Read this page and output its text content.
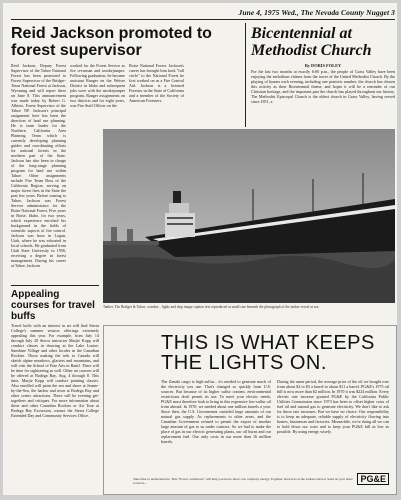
June 4, 1975 Wed., The Nevada County Nugget 3
Reid Jackson promoted to forest supervisor
Reid Jackson, Deputy Forest Supervisor of the Tahoe National Forest has been promoted to Forest Supervisor of the Bridger-Teton National Forest at Jackson, Wyoming and will report there on June 8. This announcement was made today by Robert G. Albietz, Forest Supervisor of the Tahoe NF. Jackson's principal assignment here has been the direction of land use planning. He is team leader for the Northern California Area Planning Team which is currently developing planning guides and coordinating efforts for national forests in the northern part of the State. Jackson has also been in charge of the long-range planning program for land use within Tahoe. Other assignments include Fire Team Boss of the California Region, serving on major forest fires in the State the past few years. Before coming to Tahoe, Jackson was Forest Service administrator for the Boise National Forest. Five years in Boise, Idaho, for two years, which experience enriched his background in the fields of scientific aspects of fire control. Jackson was born in Logan, Utah, where he was educated in local schools. He graduated from Utah State University in 1956, receiving a degree in forest management. During his career at Tahoe, Jackson
worked for the Forest Service as fire crewman and smokejumper. Following graduation, he became assistant Ranger on the Weiser District in Idaho and subsequent jobs were with the smokejumper program, Ranger assignments on two districts and for eight years, was Fire Staff Officer on the
Boise National Forest. Jackson's career has brought him back "full circle" to the National Forest he first worked on as a Fire Control Aid. Jackson is a licensed Forester in the State of California and a member of the Society of American Foresters.
Bicentennial at Methodist Church
By DORIS FOLEY
For the last two months at exactly 6:00 p.m., the people of Grass Valley have been enjoying the melodious chimes from the tower of the United Methodist Church. By the playing of hymns each evening, including one patriotic number, the church has chosen this activity as their Bicentennial theme, and hopes it will be a reminder of our Christian heritage, and the important part the church has played throughout our history. The Methodist Episcopal Church is the oldest church in Grass Valley, having served since 1851, a
Tanker. The Bridger & Tahoe, a tanker... lights and ship image caption text reproduced at small size beneath the photograph of the tanker vessel at sea.
Appealing courses for travel buffs
Travel buffs with an interest in art will find Sierra College's summer session offerings extremely appealing this year. For example, from July 14 through July 20 Sierra instructor Marjie Kopp will conduct classes in drawing at the Lake Louise, Sunshine Village and other locales in the Canadian Rockies. Those making the trek to Canada will sketch alpine meadows, glaciers and mountains, and will visit the School of Fine Arts in Banff. There will be time for sightseeing as well. Other art courses will be offered at Bodega Bay, Aug. 4 through 8. This time, Marjie Kopp will conduct painting classes. Also enrolled will paint the sea and shore at Jenner-by-the-Sea, the harbor and town at Bodega Bay and other scenic attractions. There will be evening get-togethers and critiques. For more information about these and other Canadian Rockies or Art Tour at Bodega Bay Excursion, contact the Sierra College Extended Day and Community Services Office.
THIS IS WHAT KEEPS THE LIGHTS ON.
The Zanaki cargo is high-sulfur... it's needed to generate much of the electricity you use. That's changed so quickly from U.S. sources. But because of its higher sulfur content, environmental restrictions don't permit its use. To meet your electric needs, PG&E must therefore look to bring in this expensive low-sulfur oil from abroad. In 1970, we needed about one million barrels a year. Since then, the U.S. Government curtailed large amounts of our natural gas supply. As replacements to other areas, and the Canadian Government refused to permit the export of another large amount of gas to us under contract. So we had to make the place of gas in our electric generating plants, our oil burns and our replacement fuel. Our only costs in our more than 16 million barrels.
During the same period, the average price of the oil we bought rose from about $2 to $3 a barrel to about $11 a barrel. PG&E's 1975 oil bill is now more than $2 million. In 1970 it was $224 million. Every electric rate increase granted PG&E by the California Public Utilities Commission since 1973 has been to offset higher costs of fuel oil and natural gas to generate electricity. We don't like to ask for those rate increases. But we have no choice. Our responsibility is to keep an adequate, reliable supply of electricity flowing into homes, businesses and factories. Meanwhile, we're doing all we can to hold down our costs and to keep your PG&E bill as low as possible. By using energy wisely.
Take time to understand us. This "Power, Gladstone" will help you know more; our company energy. Together. Reach us at the address shown. Send us your letter to know...	PG&E
